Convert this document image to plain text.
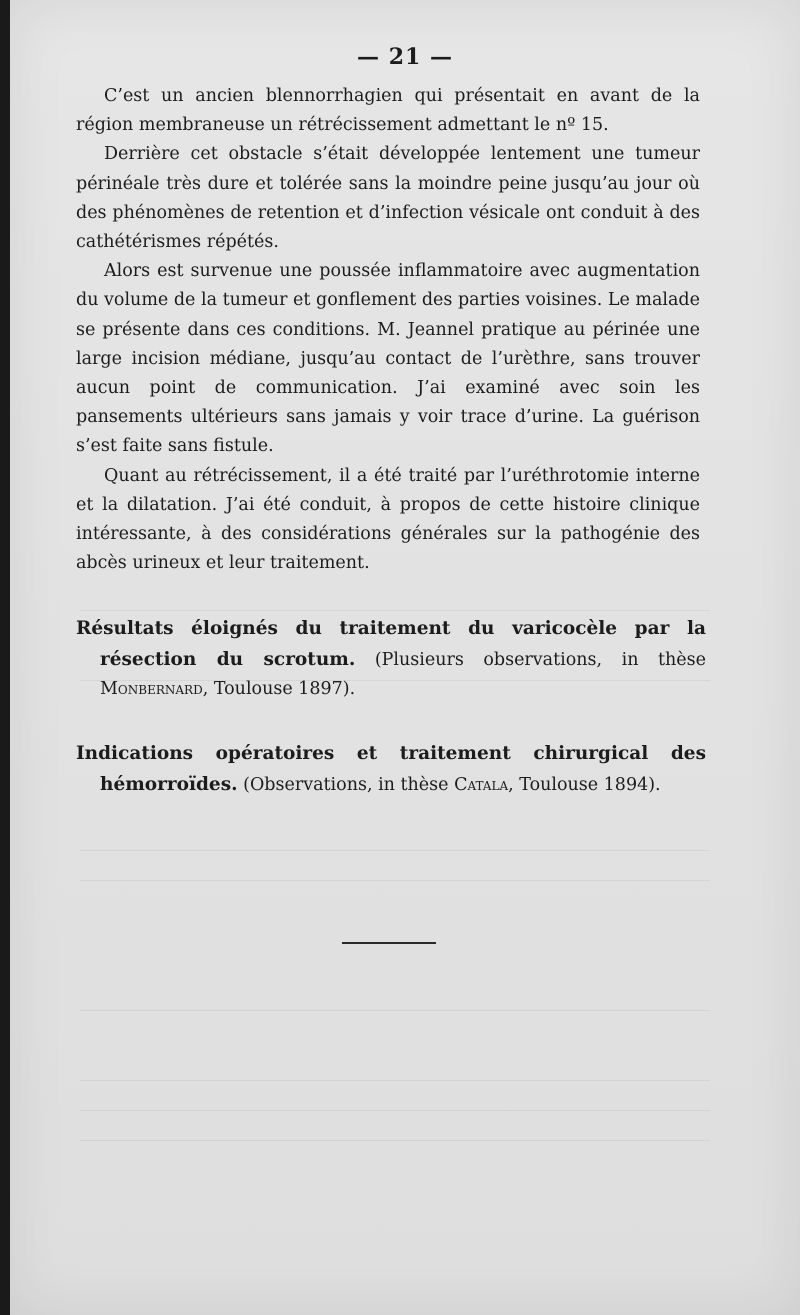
— 21 —

C’est un ancien blennorrhagien qui présentait en avant de la région membraneuse un rétrécissement admettant le nº 15.

Derrière cet obstacle s’était développée lentement une tumeur périnéale très dure et tolérée sans la moindre peine jusqu’au jour où des phénomènes de retention et d’infection vésicale ont conduit à des cathétérismes répétés.

Alors est survenue une poussée inflammatoire avec augmentation du volume de la tumeur et gonflement des parties voisines. Le malade se présente dans ces conditions. M. Jeannel pratique au périnée une large incision médiane, jusqu’au contact de l’urèthre, sans trouver aucun point de communication. J’ai examiné avec soin les pansements ultérieurs sans jamais y voir trace d’urine. La guérison s’est faite sans fistule.

Quant au rétrécissement, il a été traité par l’uréthrotomie interne et la dilatation. J’ai été conduit, à propos de cette histoire clinique intéressante, à des considérations générales sur la pathogénie des abcès urineux et leur traitement.

Résultats éloignés du traitement du varicocèle par la résection du scrotum. (Plusieurs observations, in thèse Monbernard, Toulouse 1897).

Indications opératoires et traitement chirurgical des hémorroïdes. (Observations, in thèse Catala, Toulouse 1894).
